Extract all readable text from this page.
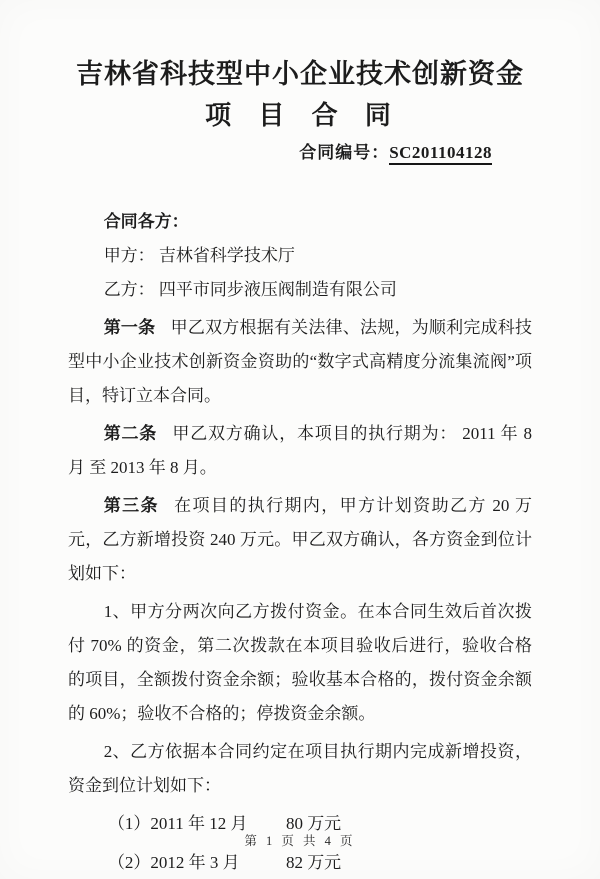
吉林省科技型中小企业技术创新资金
项 目 合 同
合同编号：SC201104128
合同各方：
甲方： 吉林省科学技术厅
乙方： 四平市同步液压阀制造有限公司

第一条 甲乙双方根据有关法律、法规，为顺利完成科技型中小企业技术创新资金资助的“数字式高精度分流集流阀”项目，特订立本合同。

第二条 甲乙双方确认，本项目的执行期为： 2011 年 8 月 至 2013 年 8 月。

第三条 在项目的执行期内，甲方计划资助乙方 20 万元，乙方新增投资 240 万元。甲乙双方确认，各方资金到位计划如下：

1、甲方分两次向乙方拨付资金。在本合同生效后首次拨付 70% 的资金，第二次拨款在本项目验收后进行，验收合格的项目，全额拨付资金余额；验收基本合格的，拨付资金余额的 60%；验收不合格的；停拨资金余额。

2、乙方依据本合同约定在项目执行期内完成新增投资，资金到位计划如下：

（1）2011 年 12 月 80 万元
（2）2012 年 3 月	82 万元
第 1 页 共 4 页
